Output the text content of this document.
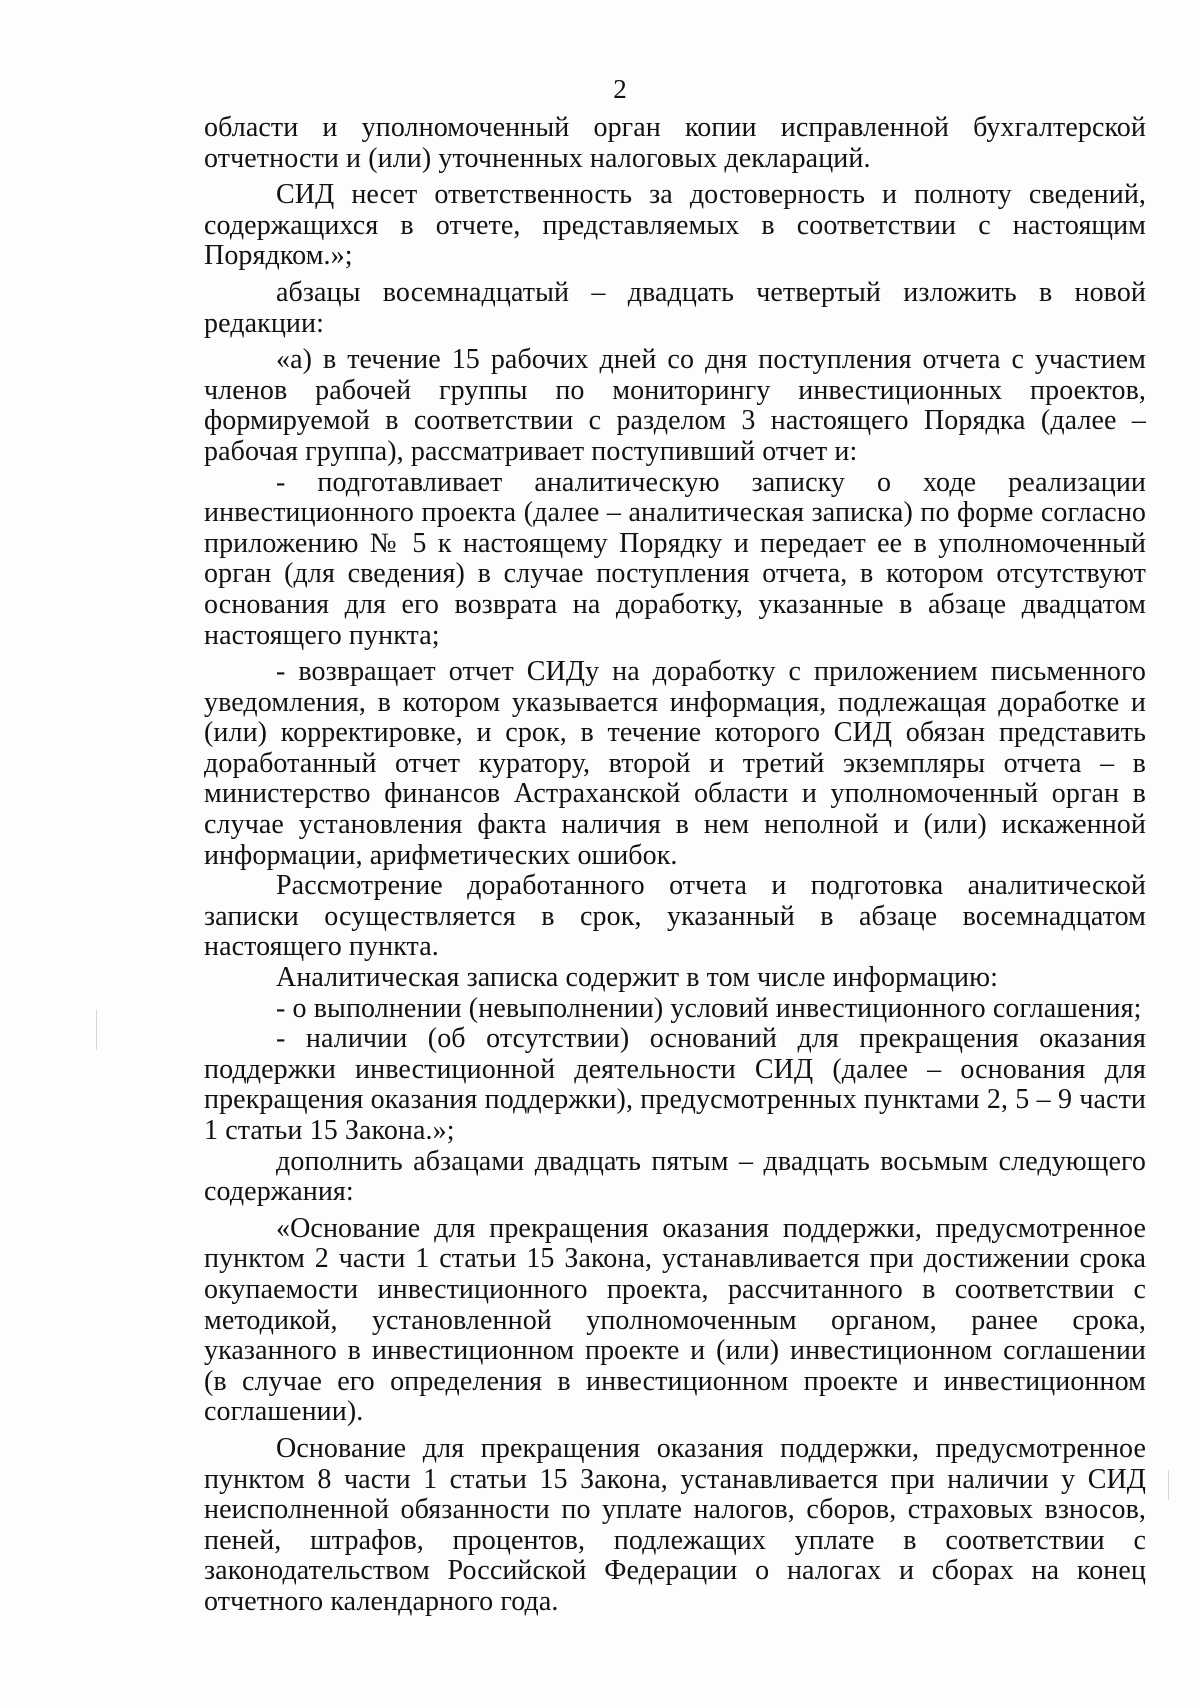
2

области и уполномоченный орган копии исправленной бухгалтерской отчетности и (или) уточненных налоговых деклараций.

СИД несет ответственность за достоверность и полноту сведений, содержащихся в отчете, представляемых в соответствии с настоящим Порядком.»;

абзацы восемнадцатый – двадцать четвертый изложить в новой редакции:

«а) в течение 15 рабочих дней со дня поступления отчета с участием членов рабочей группы по мониторингу инвестиционных проектов, формируемой в соответствии с разделом 3 настоящего Порядка (далее – рабочая группа), рассматривает поступивший отчет и:

- подготавливает аналитическую записку о ходе реализации инвестиционного проекта (далее – аналитическая записка) по форме согласно приложению № 5 к настоящему Порядку и передает ее в уполномоченный орган (для сведения) в случае поступления отчета, в котором отсутствуют основания для его возврата на доработку, указанные в абзаце двадцатом настоящего пункта;

- возвращает отчет СИДу на доработку с приложением письменного уведомления, в котором указывается информация, подлежащая доработке и (или) корректировке, и срок, в течение которого СИД обязан представить доработанный отчет куратору, второй и третий экземпляры отчета – в министерство финансов Астраханской области и уполномоченный орган в случае установления факта наличия в нем неполной и (или) искаженной информации, арифметических ошибок.

Рассмотрение доработанного отчета и подготовка аналитической записки осуществляется в срок, указанный в абзаце восемнадцатом настоящего пункта.

Аналитическая записка содержит в том числе информацию:

- о выполнении (невыполнении) условий инвестиционного соглашения;

- наличии (об отсутствии) оснований для прекращения оказания поддержки инвестиционной деятельности СИД (далее – основания для прекращения оказания поддержки), предусмотренных пунктами 2, 5 – 9 части 1 статьи 15 Закона.»;

дополнить абзацами двадцать пятым – двадцать восьмым следующего содержания:

«Основание для прекращения оказания поддержки, предусмотренное пунктом 2 части 1 статьи 15 Закона, устанавливается при достижении срока окупаемости инвестиционного проекта, рассчитанного в соответствии с методикой, установленной уполномоченным органом, ранее срока, указанного в инвестиционном проекте и (или) инвестиционном соглашении (в случае его определения в инвестиционном проекте и инвестиционном соглашении).

Основание для прекращения оказания поддержки, предусмотренное пунктом 8 части 1 статьи 15 Закона, устанавливается при наличии у СИД неисполненной обязанности по уплате налогов, сборов, страховых взносов, пеней, штрафов, процентов, подлежащих уплате в соответствии с законодательством Российской Федерации о налогах и сборах на конец отчетного календарного года.
